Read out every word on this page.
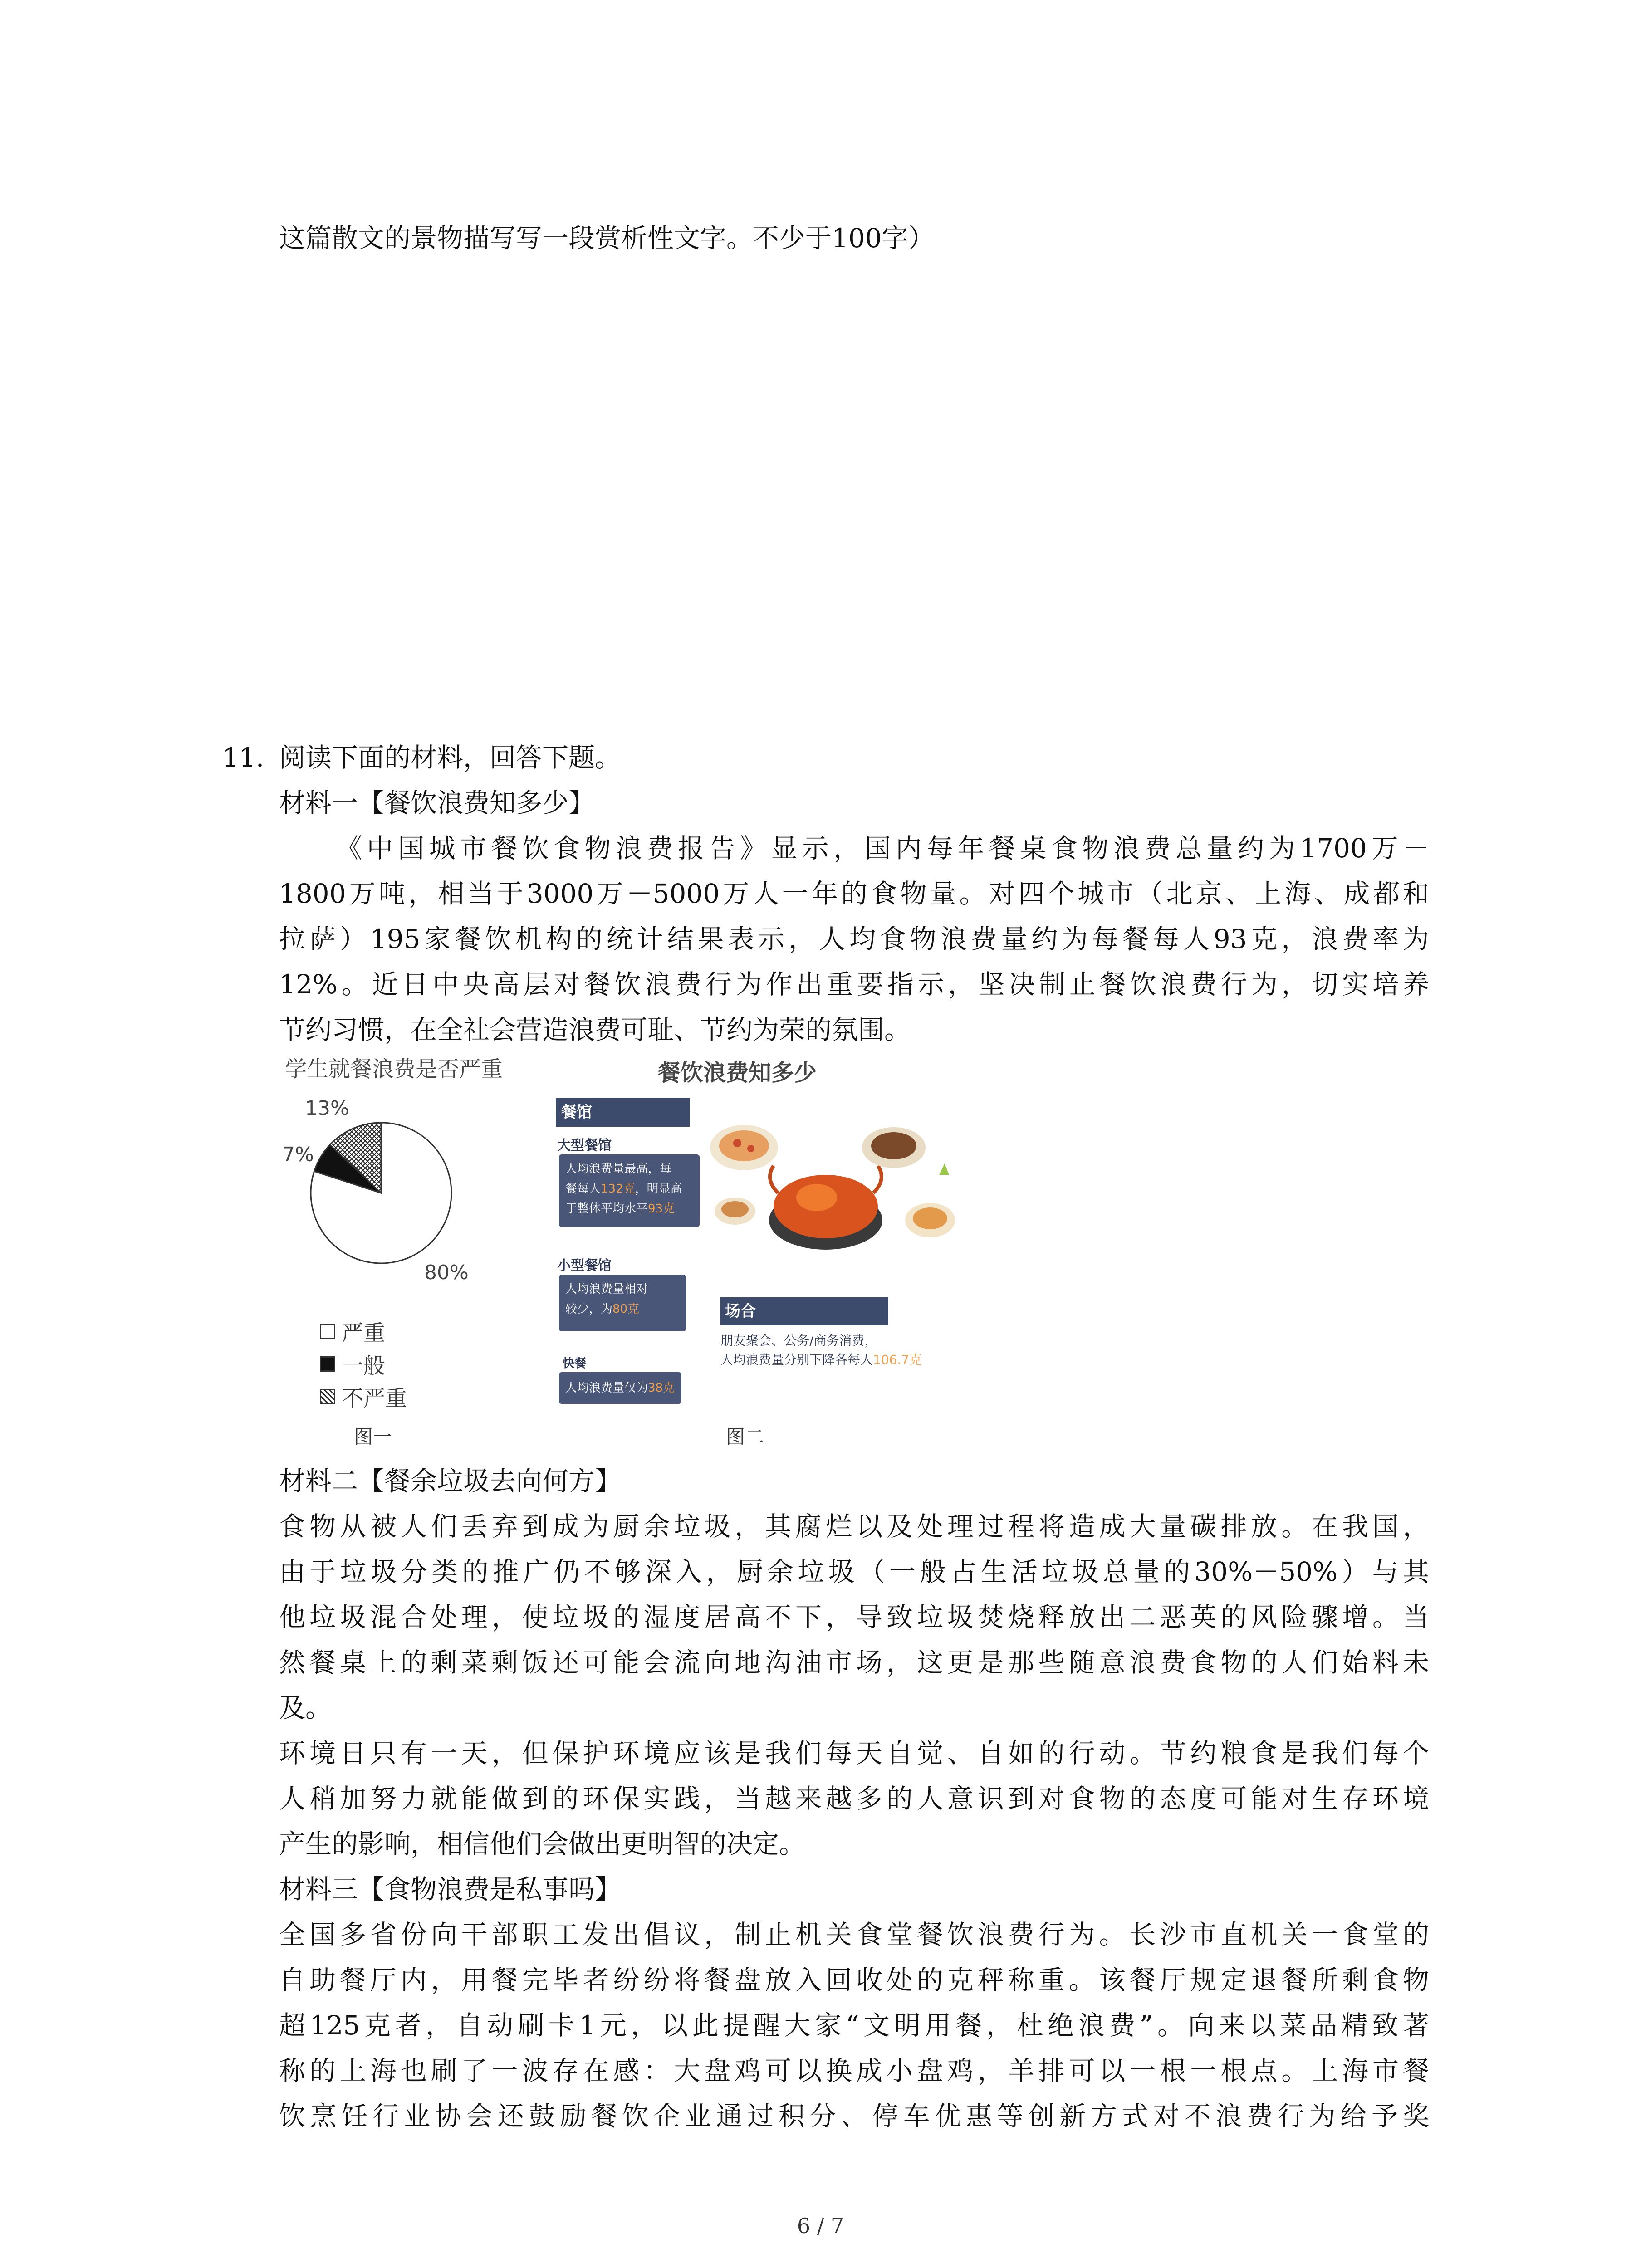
这篇散文的景物描写写一段赏析性文字。不少于100字）
11. 阅读下面的材料，回答下题。
材料一【餐饮浪费知多少】
《中国城市餐饮食物浪费报告》显示，国内每年餐桌食物浪费总量约为1700万－
1800万吨，相当于3000万－5000万人一年的食物量。对四个城市（北京、上海、成都和
拉萨）195家餐饮机构的统计结果表示，人均食物浪费量约为每餐每人93克，浪费率为
12%。近日中央高层对餐饮浪费行为作出重要指示，坚决制止餐饮浪费行为，切实培养
节约习惯，在全社会营造浪费可耻、节约为荣的氛围。
学生就餐浪费是否严重
13%
7%
80%
严重
一般
不严重
图一
餐饮浪费知多少
餐馆
大型餐馆
人均浪费量最高，每
餐每人132克，明显高
于整体平均水平93克
小型餐馆
人均浪费量相对
较少，为80克
快餐
人均浪费量仅为38克
场合
朋友聚会、公务/商务消费，
人均浪费量分别下降各每人106.7克
图二
材料二【餐余垃圾去向何方】
食物从被人们丢弃到成为厨余垃圾，其腐烂以及处理过程将造成大量碳排放。在我国，
由于垃圾分类的推广仍不够深入，厨余垃圾（一般占生活垃圾总量的30%－50%）与其
他垃圾混合处理，使垃圾的湿度居高不下，导致垃圾焚烧释放出二恶英的风险骤增。当
然餐桌上的剩菜剩饭还可能会流向地沟油市场，这更是那些随意浪费食物的人们始料未
及。
环境日只有一天，但保护环境应该是我们每天自觉、自如的行动。节约粮食是我们每个
人稍加努力就能做到的环保实践，当越来越多的人意识到对食物的态度可能对生存环境
产生的影响，相信他们会做出更明智的决定。
材料三【食物浪费是私事吗】
全国多省份向干部职工发出倡议，制止机关食堂餐饮浪费行为。长沙市直机关一食堂的
自助餐厅内，用餐完毕者纷纷将餐盘放入回收处的克秤称重。该餐厅规定退餐所剩食物
超125克者，自动刷卡1元，以此提醒大家“文明用餐，杜绝浪费”。向来以菜品精致著
称的上海也刷了一波存在感：大盘鸡可以换成小盘鸡，羊排可以一根一根点。上海市餐
饮烹饪行业协会还鼓励餐饮企业通过积分、停车优惠等创新方式对不浪费行为给予奖
6 / 7
